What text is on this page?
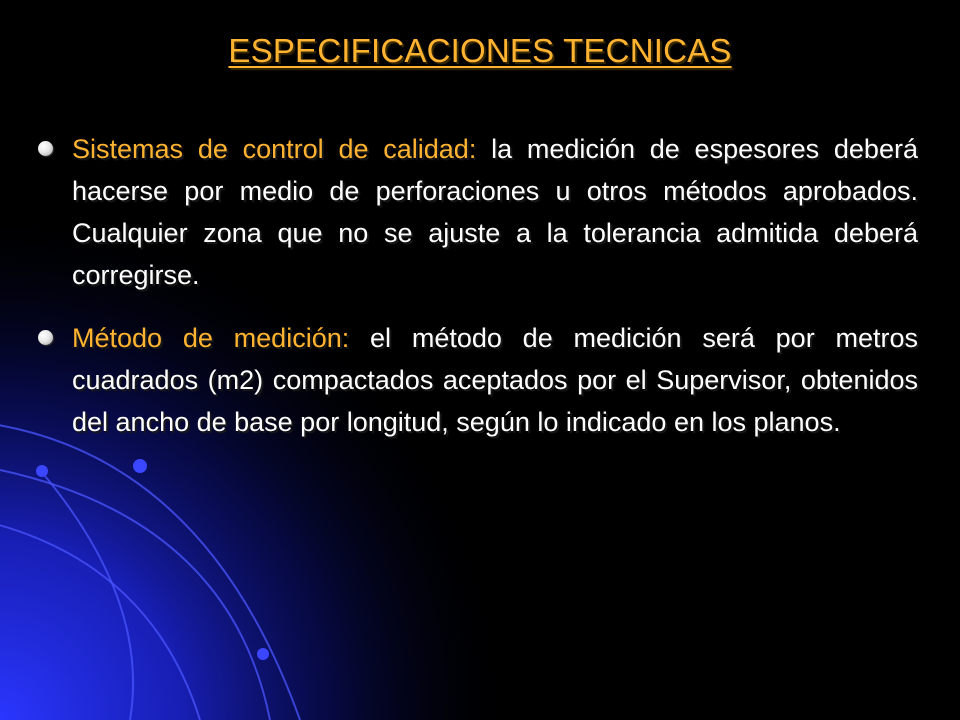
ESPECIFICACIONES TECNICAS
Sistemas de control de calidad: la medición de espesores deberá hacerse por medio de perforaciones u otros métodos aprobados. Cualquier zona que no se ajuste a la tolerancia admitida deberá corregirse.
Método de medición: el método de medición será por metros cuadrados (m2) compactados aceptados por el Supervisor, obtenidos del ancho de base por longitud, según lo indicado en los planos.
